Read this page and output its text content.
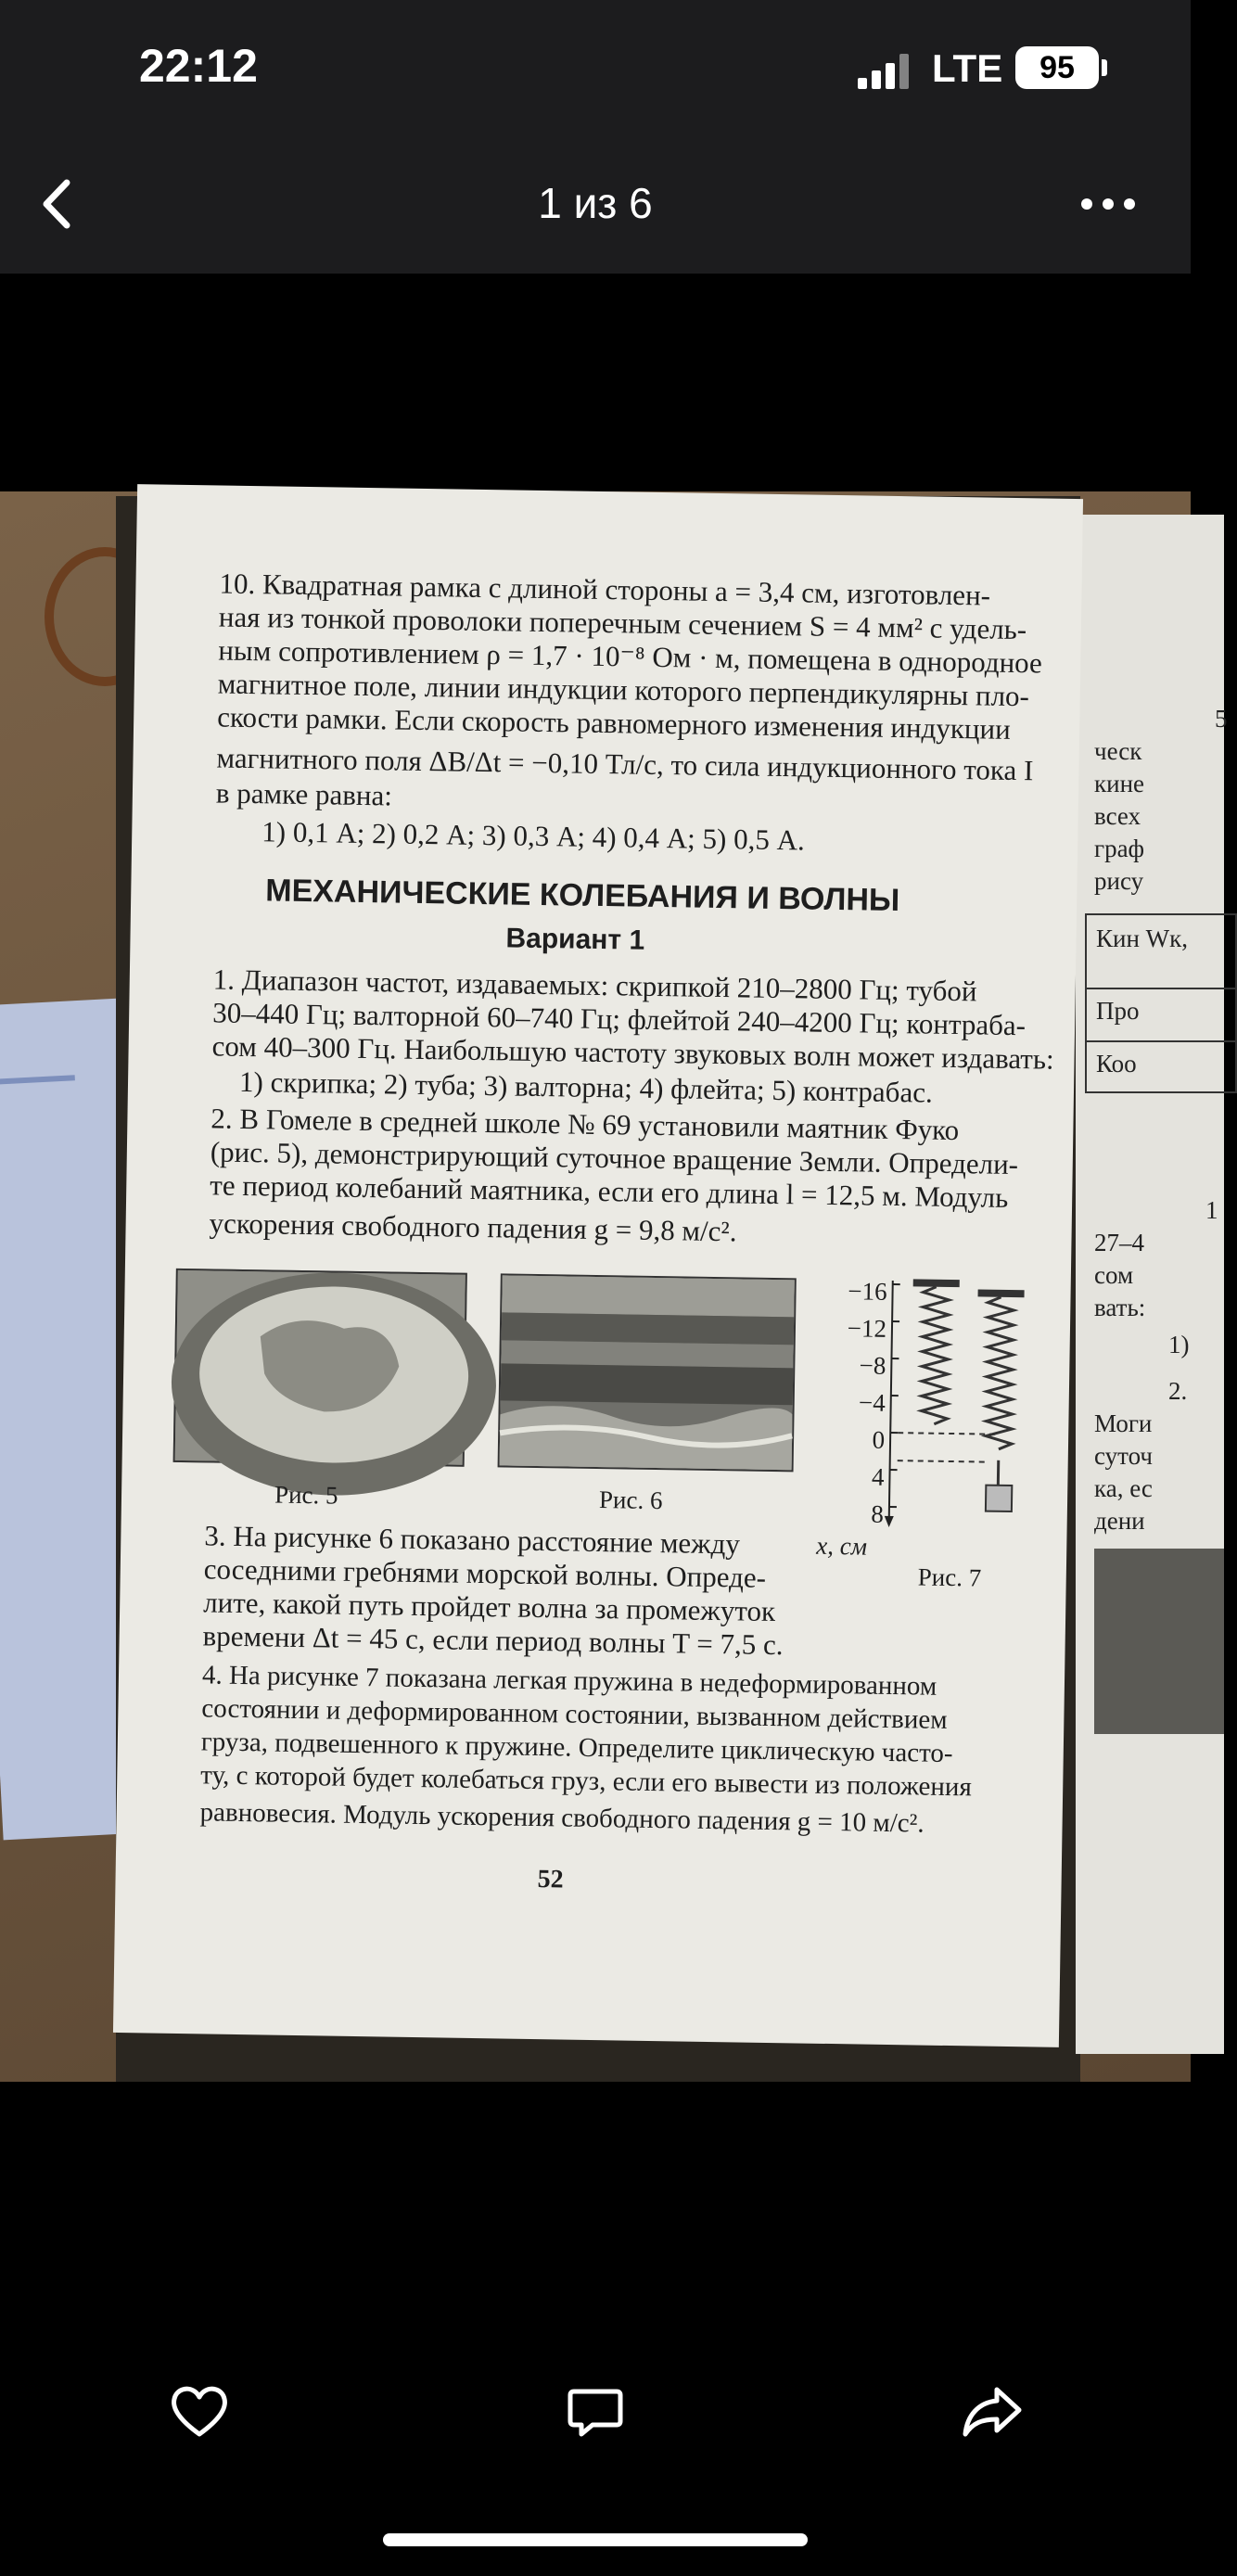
22:12	LTE	95
1 из 6
5
ческ
кине
всех
граф
рису
Кин Wк,
Про
Коо
1
27–4
сом
вать:
1)
2.
Моги
суточ
ка, ес
дени
10. Квадратная рамка с длиной стороны a = 3,4 см, изготовлен-
ная из тонкой проволоки поперечным сечением S = 4 мм² с удель-
ным сопротивлением ρ = 1,7 · 10⁻⁸ Ом · м, помещена в однородное
магнитное поле, линии индукции которого перпендикулярны пло-
скости рамки. Если скорость равномерного изменения индукции
магнитного поля ΔB/Δt = −0,10 Тл/с, то сила индукционного тока I
в рамке равна:
1) 0,1 А; 2) 0,2 А; 3) 0,3 А; 4) 0,4 А; 5) 0,5 А.
МЕХАНИЧЕСКИЕ КОЛЕБАНИЯ И ВОЛНЫ
Вариант 1
1. Диапазон частот, издаваемых: скрипкой 210–2800 Гц; тубой
30–440 Гц; валторной 60–740 Гц; флейтой 240–4200 Гц; контраба-
сом 40–300 Гц. Наибольшую частоту звуковых волн может издавать:
1) скрипка; 2) туба; 3) валторна; 4) флейта; 5) контрабас.
2. В Гомеле в средней школе № 69 установили маятник Фуко
(рис. 5), демонстрирующий суточное вращение Земли. Определи-
те период колебаний маятника, если его длина l = 12,5 м. Модуль
ускорения свободного падения g = 9,8 м/с².
Рис. 5	Рис. 6
−16
−12
−8
−4
0
4
8
x, см
Рис. 7
3. На рисунке 6 показано расстояние между
соседними гребнями морской волны. Опреде-
лите, какой путь пройдет волна за промежуток
времени Δt = 45 с, если период волны T = 7,5 с.
4. На рисунке 7 показана легкая пружина в недеформированном
состоянии и деформированном состоянии, вызванном действием
груза, подвешенного к пружине. Определите циклическую часто-
ту, с которой будет колебаться груз, если его вывести из положения
равновесия. Модуль ускорения свободного падения g = 10 м/с².
52
